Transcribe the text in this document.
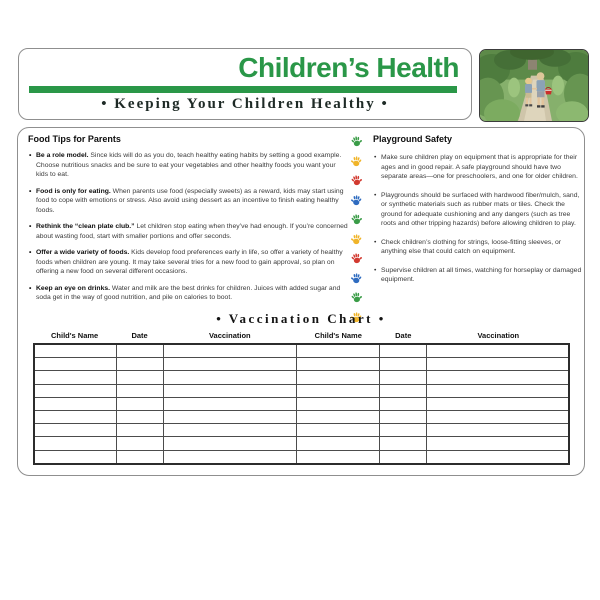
Children’s Health
• Keeping Your Children Healthy •
Food Tips for Parents
• Be a role model. Since kids will do as you do, teach healthy eating habits by setting a good example. Choose nutritious snacks and be sure to eat your vegetables and other healthy foods you want your kids to eat.
• Food is only for eating. When parents use food (especially sweets) as a reward, kids may start using food to cope with emotions or stress. Also avoid using dessert as an incentive to finish eating healthy foods.
• Rethink the “clean plate club.” Let children stop eating when they’ve had enough. If you’re concerned about wasting food, start with smaller portions and offer seconds.
• Offer a wide variety of foods. Kids develop food preferences early in life, so offer a variety of healthy foods when children are young. It may take several tries for a new food to gain approval, so plan on offering a new food on several different occasions.
• Keep an eye on drinks. Water and milk are the best drinks for children. Juices with added sugar and soda get in the way of good nutrition, and pile on calories to boot.
Playground Safety
• Make sure children play on equipment that is appropriate for their ages and in good repair. A safe playground should have two separate areas—one for preschoolers, and one for older children.
• Playgrounds should be surfaced with hardwood fiber/mulch, sand, or synthetic materials such as rubber mats or tiles. Check the ground for adequate cushioning and any dangers (such as tree roots and other tripping hazards) before allowing children to play.
• Check children’s clothing for strings, loose-fitting sleeves, or anything else that could catch on equipment.
• Supervise children at all times, watching for horseplay or damaged equipment.
• Vaccination Chart •
Child's Name	Date	Vaccination	Child's Name	Date	Vaccination
